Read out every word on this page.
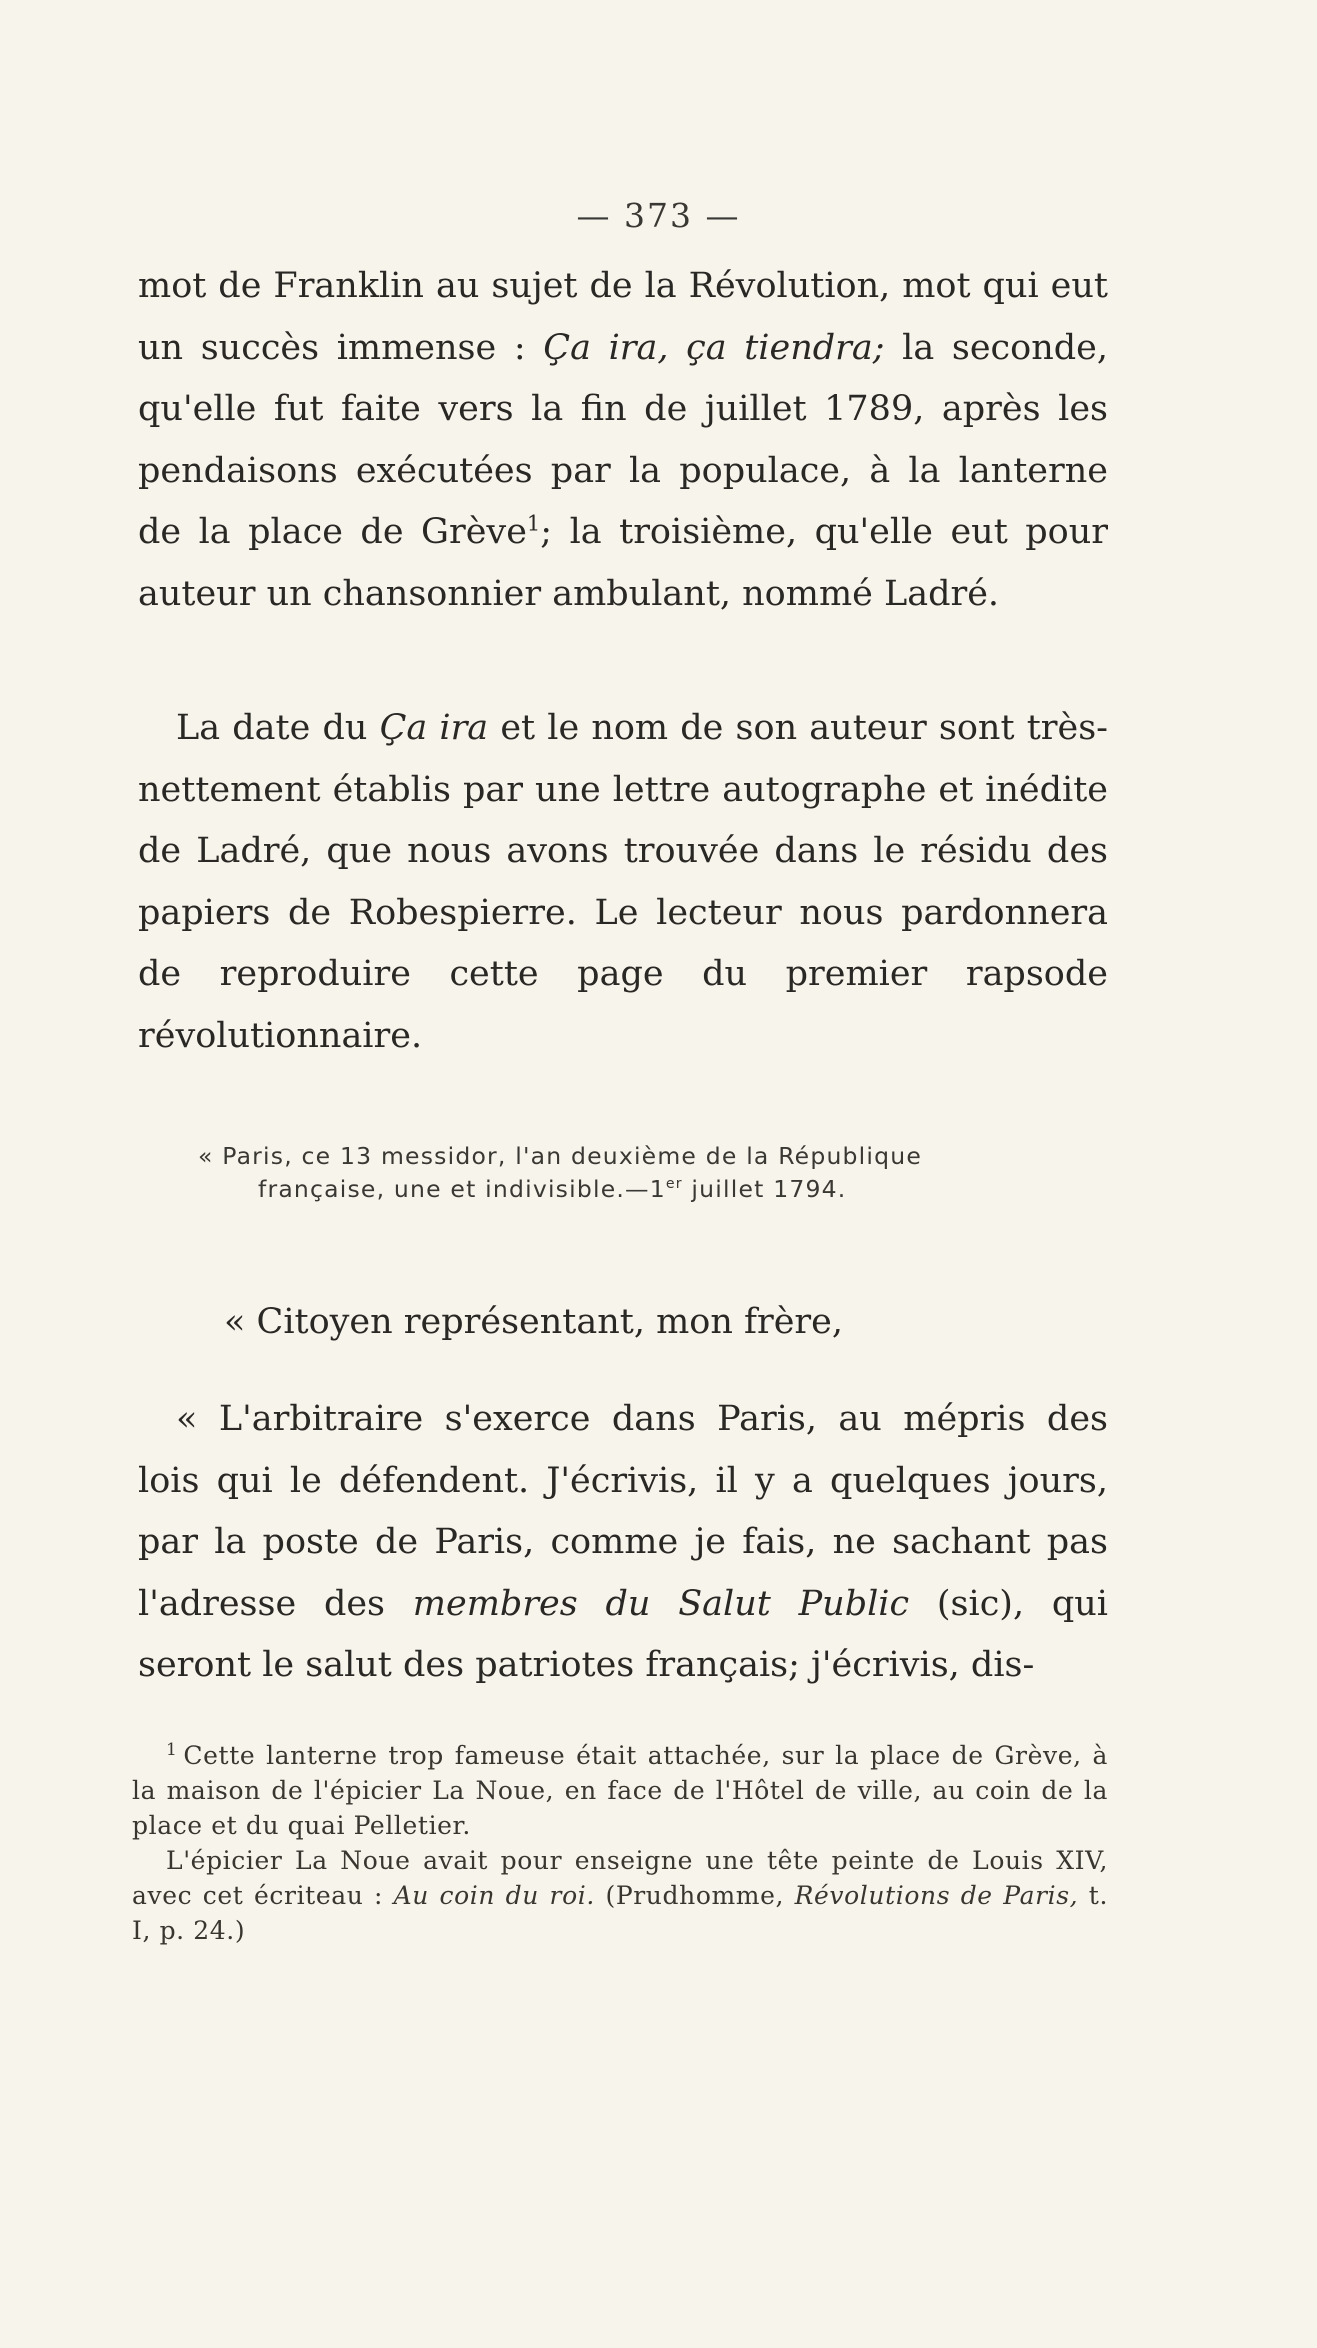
— 373 —

mot de Franklin au sujet de la Révolution, mot qui eut un succès immense : Ça ira, ça tiendra; la seconde, qu'elle fut faite vers la fin de juillet 1789, après les pendaisons exécutées par la populace, à la lanterne de la place de Grève$^1$; la troisième, qu'elle eut pour auteur un chansonnier ambulant, nommé Ladré.

La date du Ça ira et le nom de son auteur sont très-nettement établis par une lettre autographe et inédite de Ladré, que nous avons trouvée dans le résidu des papiers de Robespierre. Le lecteur nous pardonnera de reproduire cette page du premier rapsode révolutionnaire.

« Paris, ce 13 messidor, l'an deuxième de la République
française, une et indivisible.—1er juillet 1794.
« Citoyen représentant, mon frère,

« L'arbitraire s'exerce dans Paris, au mépris des lois qui le défendent. J'écrivis, il y a quelques jours, par la poste de Paris, comme je fais, ne sachant pas l'adresse des membres du Salut Public (sic), qui seront le salut des patriotes français; j'écrivis, dis-

$^1$ Cette lanterne trop fameuse était attachée, sur la place de Grève, à la maison de l'épicier La Noue, en face de l'Hôtel de ville, au coin de la place et du quai Pelletier.

L'épicier La Noue avait pour enseigne une tête peinte de Louis XIV, avec cet écriteau : Au coin du roi. (Prudhomme, Révolutions de Paris, t. I, p. 24.)
